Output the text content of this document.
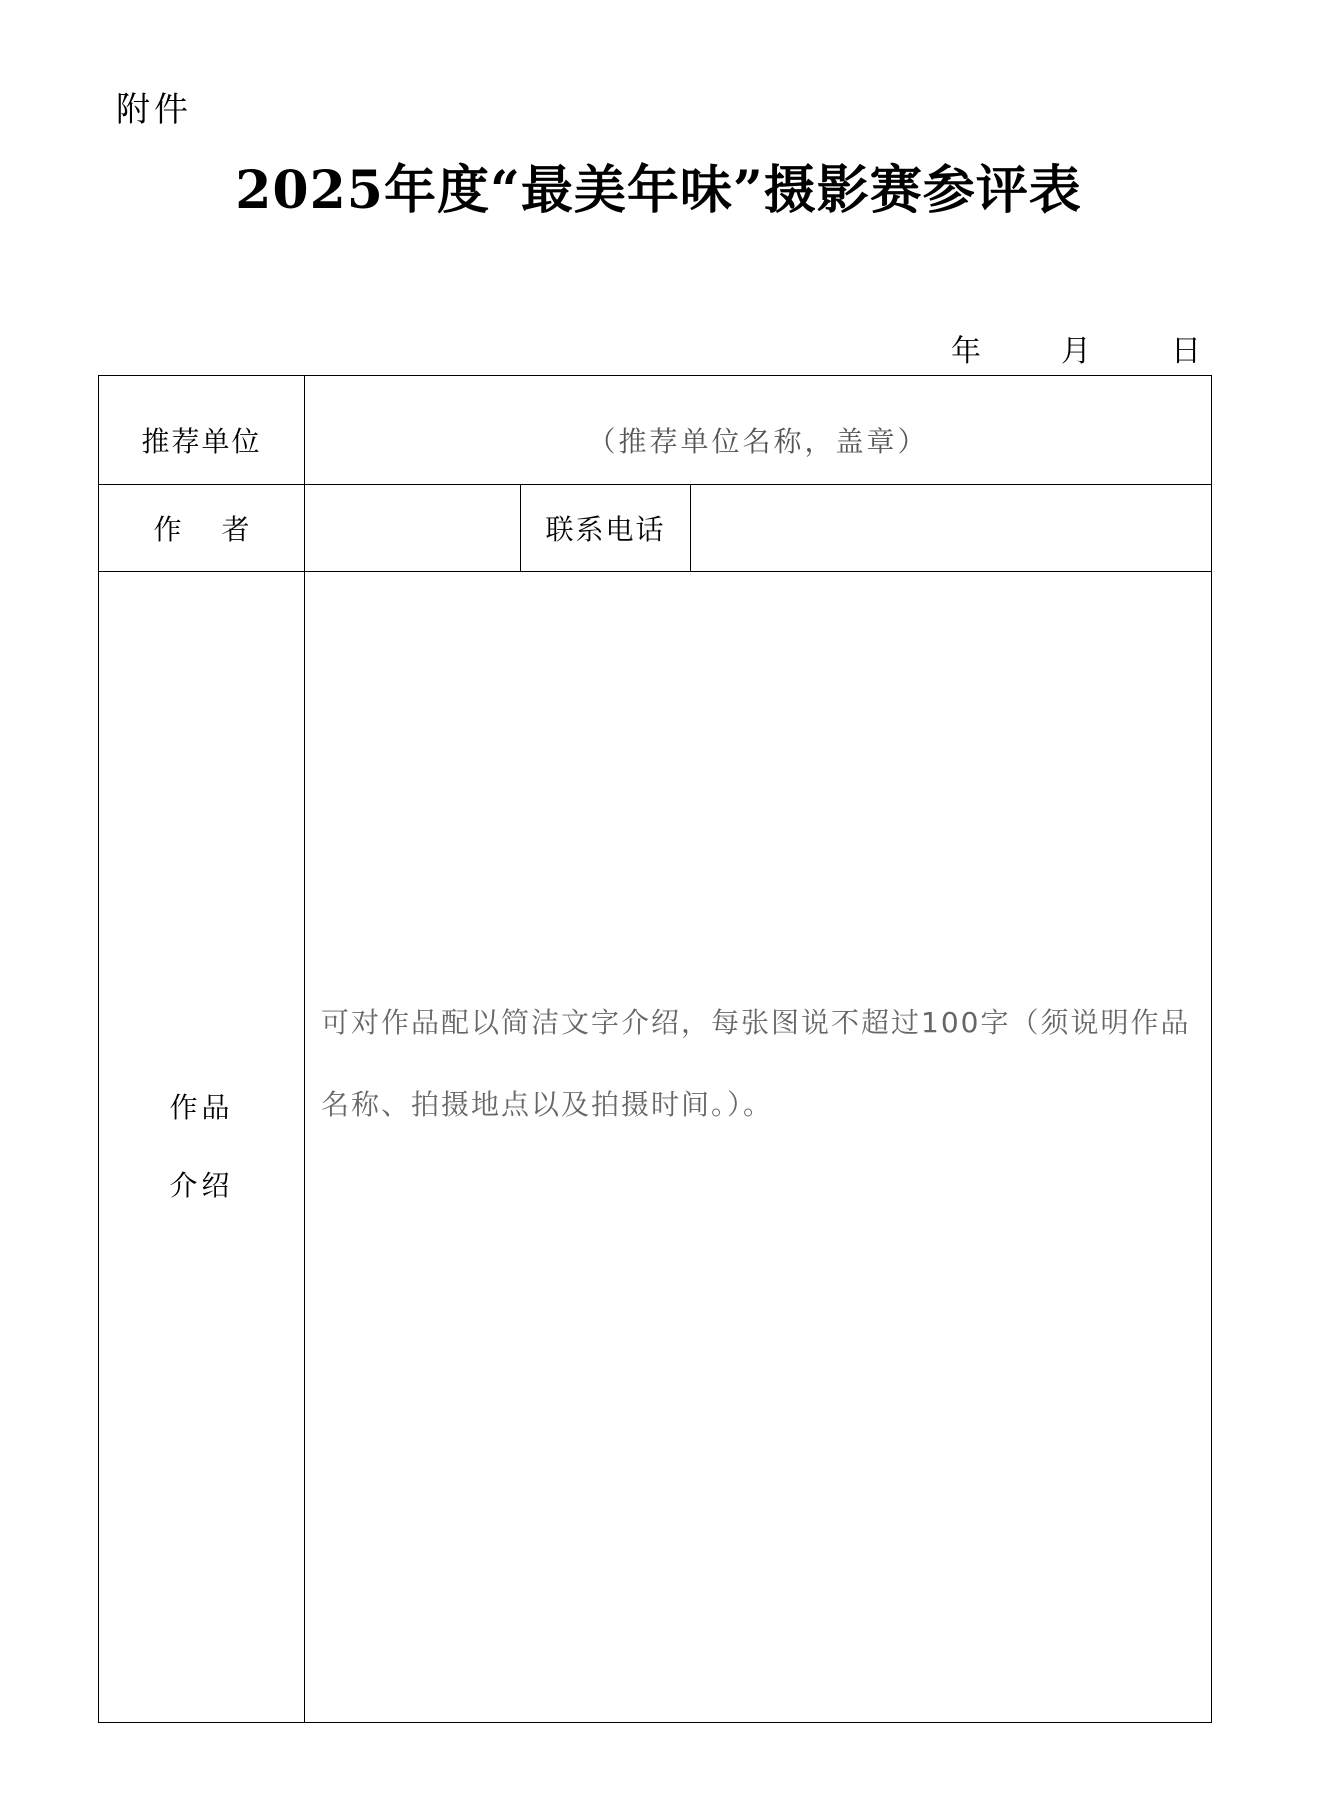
附件
2025年度“最美年味”摄影赛参评表
年	月	日
推荐单位	（推荐单位名称，盖章）		
作者		联系电话	

作品
介绍	可对作品配以简洁文字介绍，每张图说不超过100字（须说明作品名称、拍摄地点以及拍摄时间。）。		
